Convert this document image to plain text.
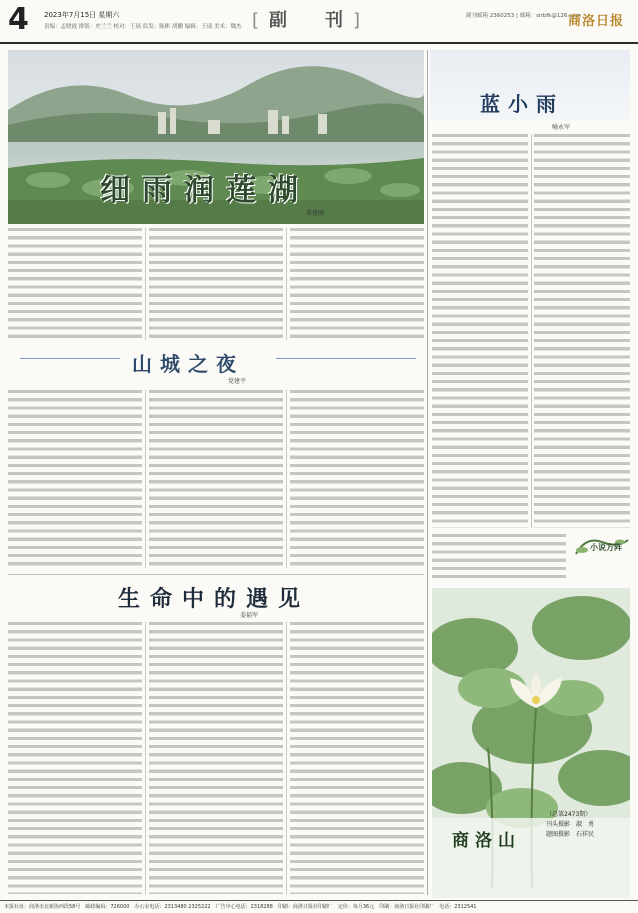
4 2023年7月15日 星期六
责编：孟晓霞 排版：史兰兰 校对：王瑶 监发：陈彬 胡鹏 编辑：王瑶 美术：魏杰 [副　刊]	副刊邮箱 2360253 | 邮箱：slrbfk@126.com
商洛日报
细雨润莲湖
董建刚
山城之夜
党建平
生命中的遇见
姜福军
蓝小雨
喻永军
小说方阵
商洛山
（总第2473期）
刊头摄影　淑　勇
题图摄影　石祥民
本报社址：商洛市北新街西段58号　邮政编码：726000　办公室电话：2313480 2325222　广告中心电话：2318288　印刷：商洛日报社印刷厂　定价：每月36元　印刷：商洛日报社印刷厂　电话：2312541
